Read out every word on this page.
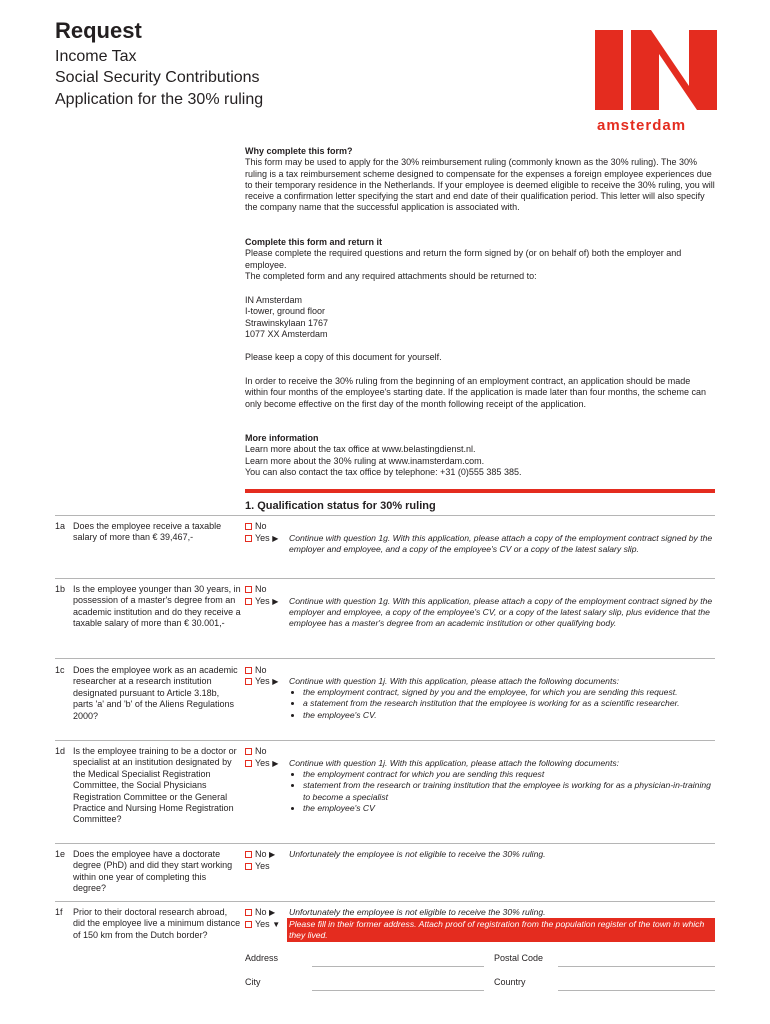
Request
Income Tax
Social Security Contributions
Application for the 30% ruling
amsterdam

Why complete this form?

This form may be used to apply for the 30% reimbursement ruling (commonly known as the 30% ruling). The 30% ruling is a tax reimbursement scheme designed to compensate for the expenses a foreign employee experiences due to their temporary residence in the Netherlands. If your employee is deemed eligible to receive the 30% ruling, you will receive a confirmation letter specifying the start and end date of their qualification period. This letter will also specify the company name that the successful application is associated with.

Complete this form and return it

Please complete the required questions and return the form signed by (or on behalf of) both the employer and employee.

The completed form and any required attachments should be returned to:

IN Amsterdam

I-tower, ground floor

Strawinskylaan 1767

1077 XX Amsterdam

Please keep a copy of this document for yourself.
In order to receive the 30% ruling from the beginning of an employment contract, an application should be made within four months of the employee's starting date. If the application is made later than four months, the scheme can only become effective on the first day of the month following receipt of the application.

More information

Learn more about the tax office at www.belastingdienst.nl.

Learn more about the 30% ruling at www.inamsterdam.com.

You can also contact the tax office by telephone: +31 (0)555 385 385.

1. Qualification status for 30% ruling
1a Does the employee receive a taxable salary of more than € 39,467,-
No
Yes ▶ Continue with question 1g. With this application, please attach a copy of the employment contract signed by the employer and employee, and a copy of the employee's CV or a copy of the latest salary slip.
1b Is the employee younger than 30 years, in possession of a master's degree from an academic institution and do they receive a taxable salary of more than € 30.001,-
No
Yes ▶ Continue with question 1g. With this application, please attach a copy of the employment contract signed by the employer and employee, a copy of the employee's CV, or a copy of the latest salary slip, plus evidence that the employee has a master's degree from an academic institution or other qualifying body.
1c Does the employee work as an academic researcher at a research institution designated pursuant to Article 3.18b, parts 'a' and 'b' of the Aliens Regulations 2000?
No
Yes ▶ Continue with question 1j. With this application, please attach the following documents:
• the employment contract, signed by you and the employee, for which you are sending this request.
• a statement from the research institution that the employee is working for as a scientific researcher.
• the employee's CV.
1d Is the employee training to be a doctor or specialist at an institution designated by the Medical Specialist Registration Committee, the Social Physicians Registration Committee or the General Practice and Nursing Home Registration Committee?
No
Yes ▶ Continue with question 1j. With this application, please attach the following documents:
• the employment contract for which you are sending this request
• statement from the research or training institution that the employee is working for as a physician-in-training to become a specialist
• the employee's CV
1e Does the employee have a doctorate degree (PhD) and did they start working within one year of completing this degree?
No ▶ Unfortunately the employee is not eligible to receive the 30% ruling.
Yes
1f Prior to their doctoral research abroad, did the employee live a minimum distance of 150 km from the Dutch border?
No ▶ Unfortunately the employee is not eligible to receive the 30% ruling.
Yes ▼ Please fill in their former address. Attach proof of registration from the population register of the town in which they lived.
Address	Postal Code
City	Country
